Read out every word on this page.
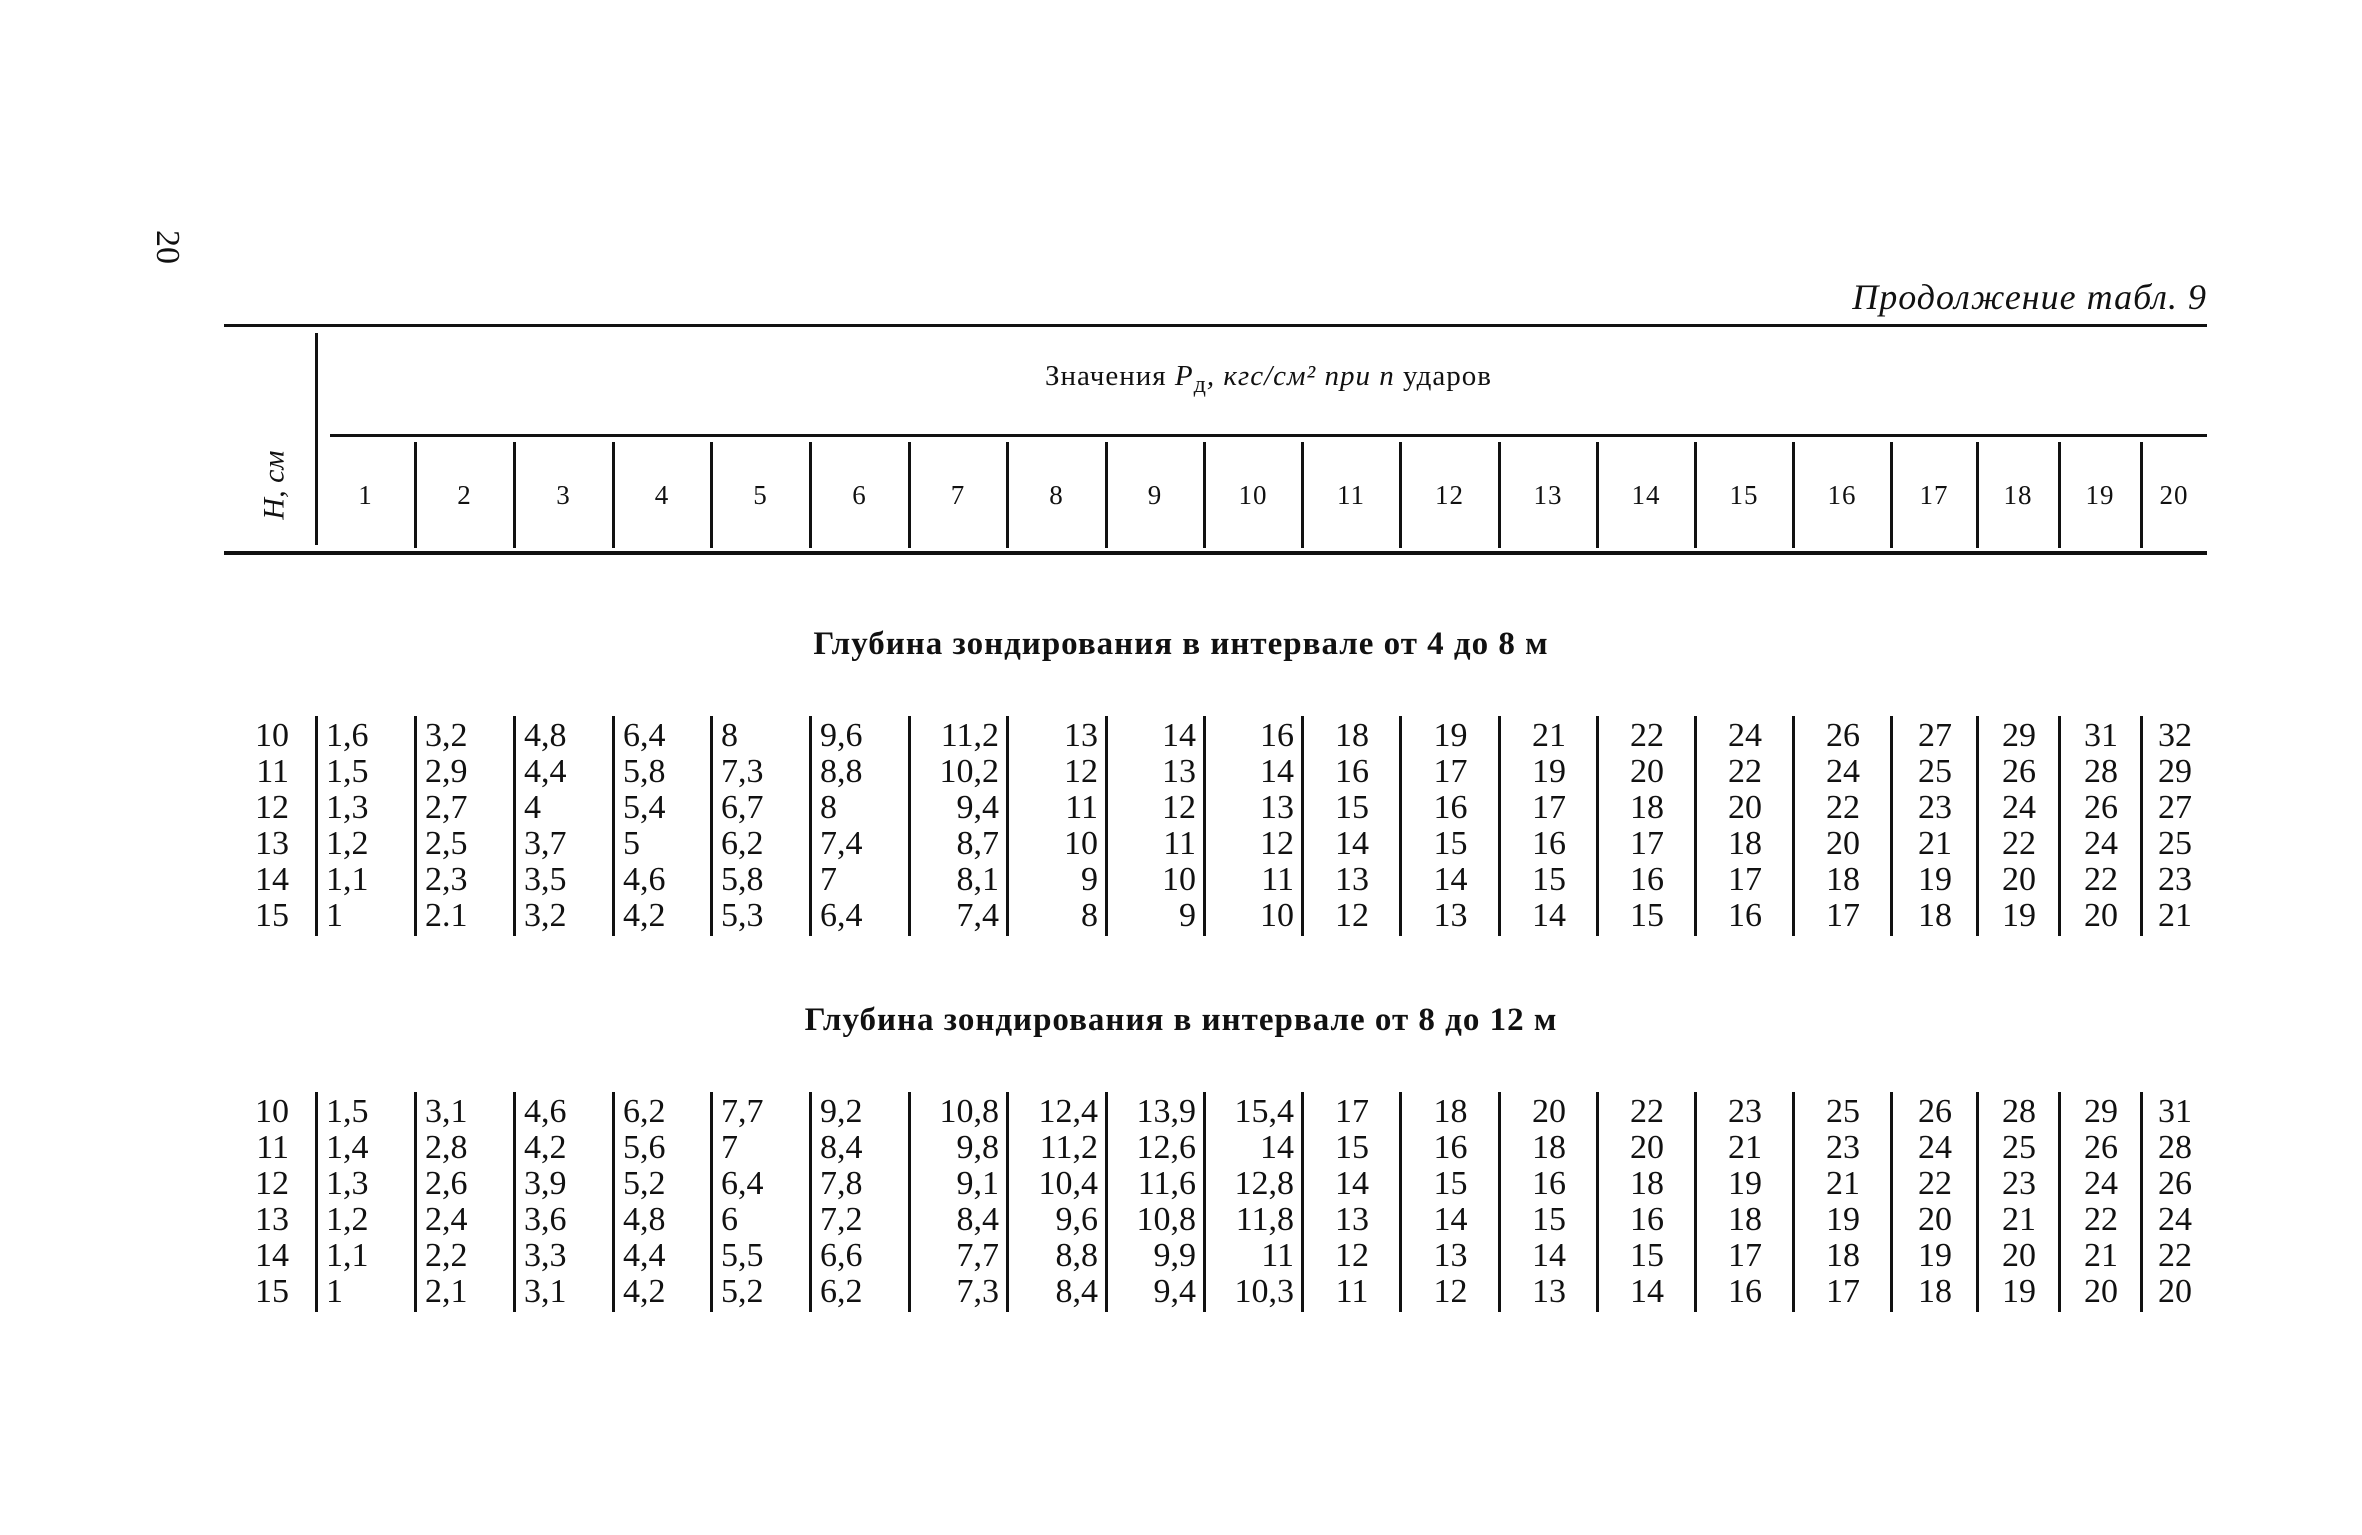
20
Продолжение табл. 9
H, см
Значения $P_д$, кгс/см² при n ударов
1	2	3	4	5	6	7	8	9	10	11	12	13	14	15	16	17	18	19	20
Глубина зондирования в интервале от 4 до 8 м
10 1,6	3,2	4,8	6,4	8	9,6	11,2	13	14	16	18	19	21	22	24	26	27	29	31	32
11 1,5	2,9	4,4	5,8	7,3	8,8	10,2	12	13	14	16	17	19	20	22	24	25	26	28	29
12 1,3	2,7	4	5,4	6,7	8	9,4	11	12	13	15	16	17	18	20	22	23	24	26	27
13 1,2	2,5	3,7	5	6,2	7,4	8,7	10	11	12	14	15	16	17	18	20	21	22	24	25
14 1,1	2,3	3,5	4,6	5,8	7	8,1	9	10	11	13	14	15	16	17	18	19	20	22	23
15 1	2.1	3,2	4,2	5,3	6,4	7,4	8	9	10	12	13	14	15	16	17	18	19	20	21
Глубина зондирования в интервале от 8 до 12 м
10 1,5	3,1	4,6	6,2	7,7	9,2	10,8	12,4	13,9	15,4	17	18	20	22	23	25	26	28	29	31
11 1,4	2,8	4,2	5,6	7	8,4	9,8	11,2	12,6	14	15	16	18	20	21	23	24	25	26	28
12 1,3	2,6	3,9	5,2	6,4	7,8	9,1	10,4	11,6	12,8	14	15	16	18	19	21	22	23	24	26
13 1,2	2,4	3,6	4,8	6	7,2	8,4	9,6	10,8	11,8	13	14	15	16	18	19	20	21	22	24
14 1,1	2,2	3,3	4,4	5,5	6,6	7,7	8,8	9,9	11	12	13	14	15	17	18	19	20	21	22
15 1	2,1	3,1	4,2	5,2	6,2	7,3	8,4	9,4	10,3	11	12	13	14	16	17	18	19	20	20
